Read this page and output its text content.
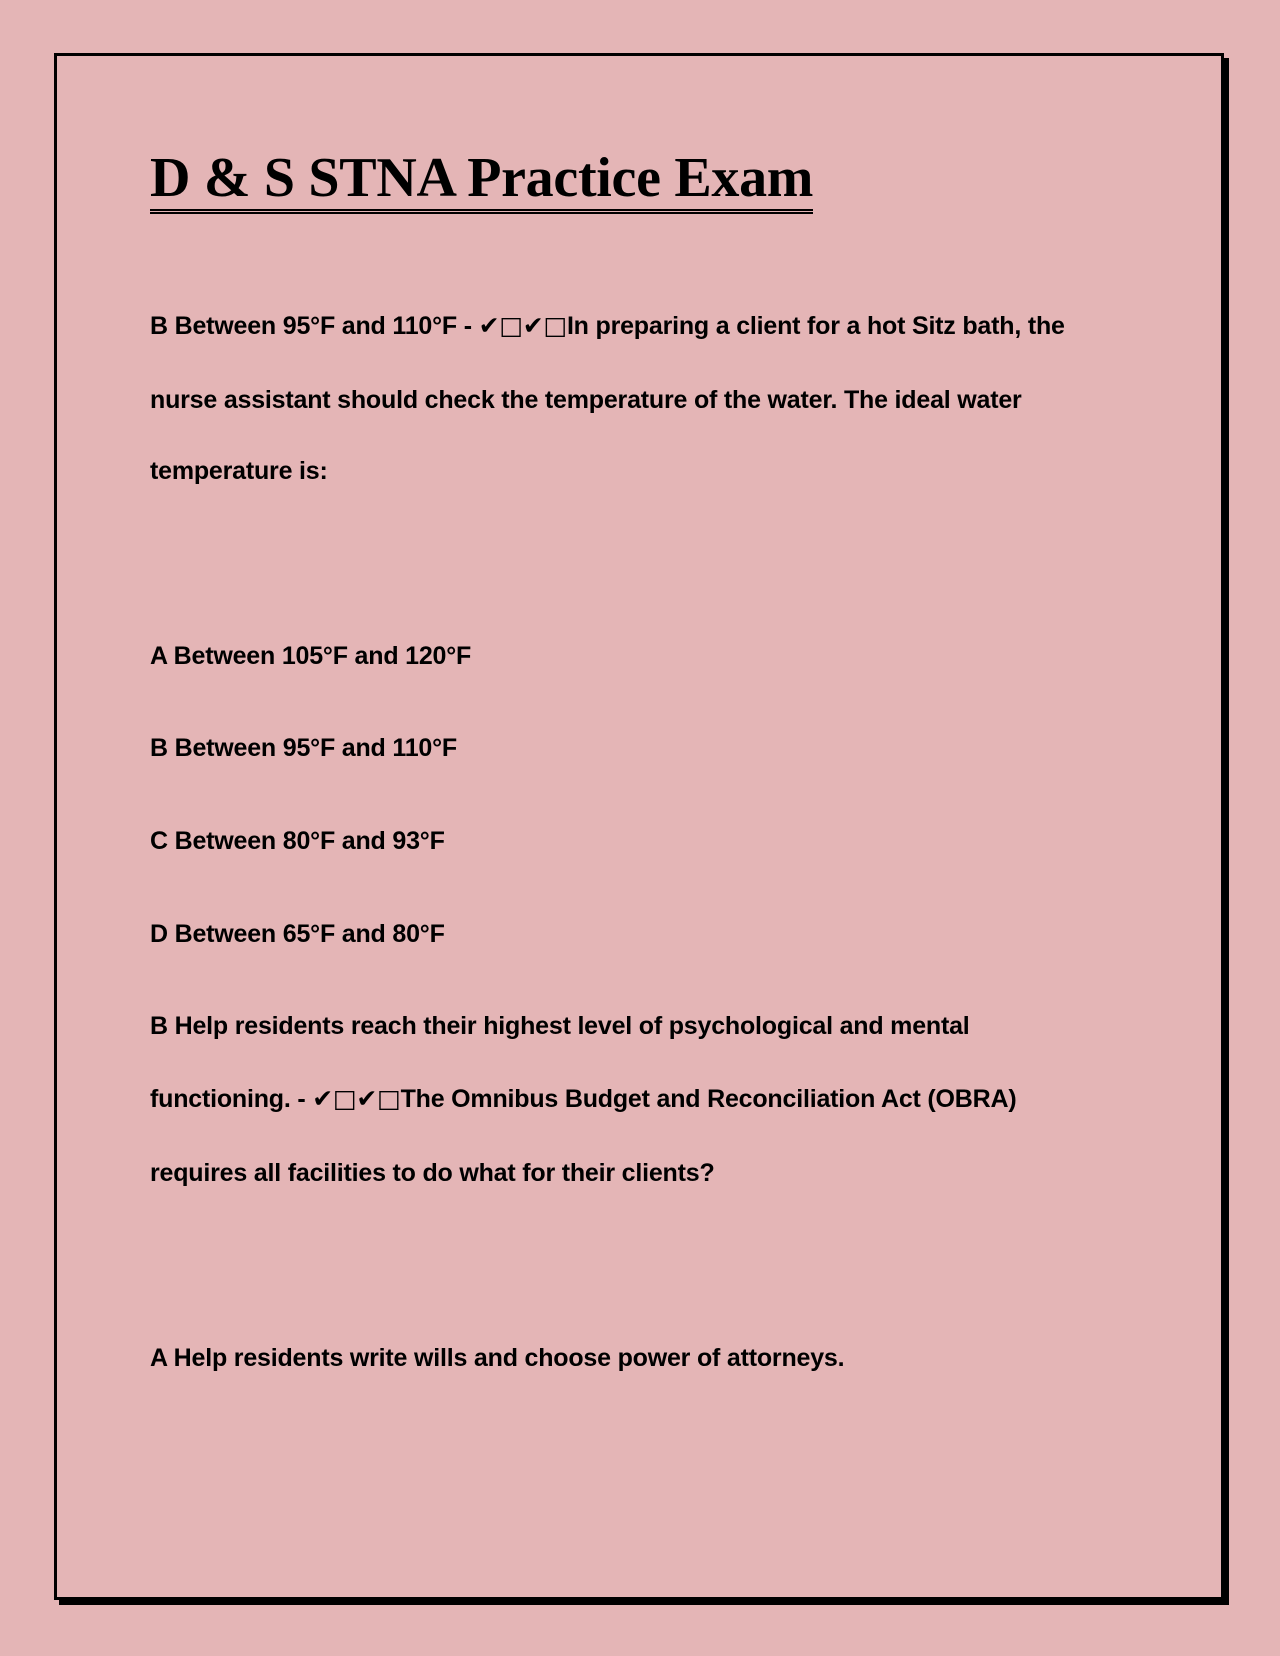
D & S STNA Practice Exam

B Between 95°F and 110°F - ✔□✔□In preparing a client for a hot Sitz bath, the

nurse assistant should check the temperature of the water. The ideal water

temperature is:

A Between 105°F and 120°F

B Between 95°F and 110°F

C Between 80°F and 93°F

D Between 65°F and 80°F

B Help residents reach their highest level of psychological and mental

functioning. - ✔□✔□The Omnibus Budget and Reconciliation Act (OBRA)

requires all facilities to do what for their clients?

A Help residents write wills and choose power of attorneys.
